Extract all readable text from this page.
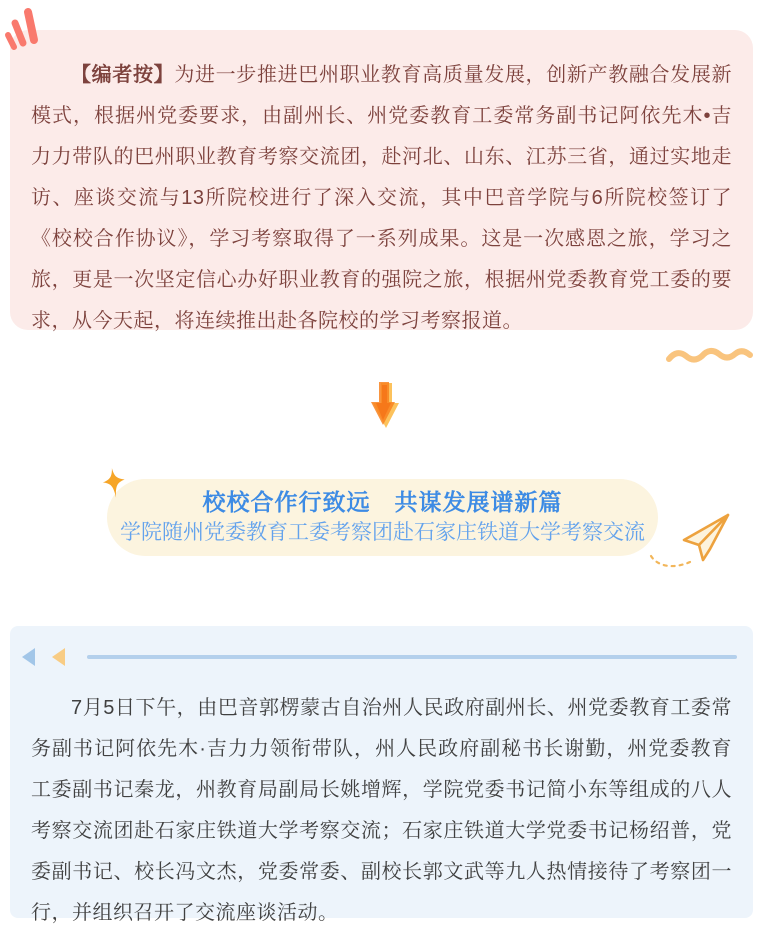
【编者按】为进一步推进巴州职业教育高质量发展，创新产教融合发展新模式，根据州党委要求，由副州长、州党委教育工委常务副书记阿依先木•吉力力带队的巴州职业教育考察交流团，赴河北、山东、江苏三省，通过实地走访、座谈交流与13所院校进行了深入交流，其中巴音学院与6所院校签订了《校校合作协议》，学习考察取得了一系列成果。这是一次感恩之旅，学习之旅，更是一次坚定信心办好职业教育的强院之旅，根据州党委教育党工委的要求，从今天起，将连续推出赴各院校的学习考察报道。

校校合作行致远　共谋发展谱新篇
学院随州党委教育工委考察团赴石家庄铁道大学考察交流

7月5日下午，由巴音郭楞蒙古自治州人民政府副州长、州党委教育工委常务副书记阿依先木·吉力力领衔带队，州人民政府副秘书长谢勤，州党委教育工委副书记秦龙，州教育局副局长姚增辉，学院党委书记简小东等组成的八人考察交流团赴石家庄铁道大学考察交流；石家庄铁道大学党委书记杨绍普，党委副书记、校长冯文杰，党委常委、副校长郭文武等九人热情接待了考察团一行，并组织召开了交流座谈活动。
